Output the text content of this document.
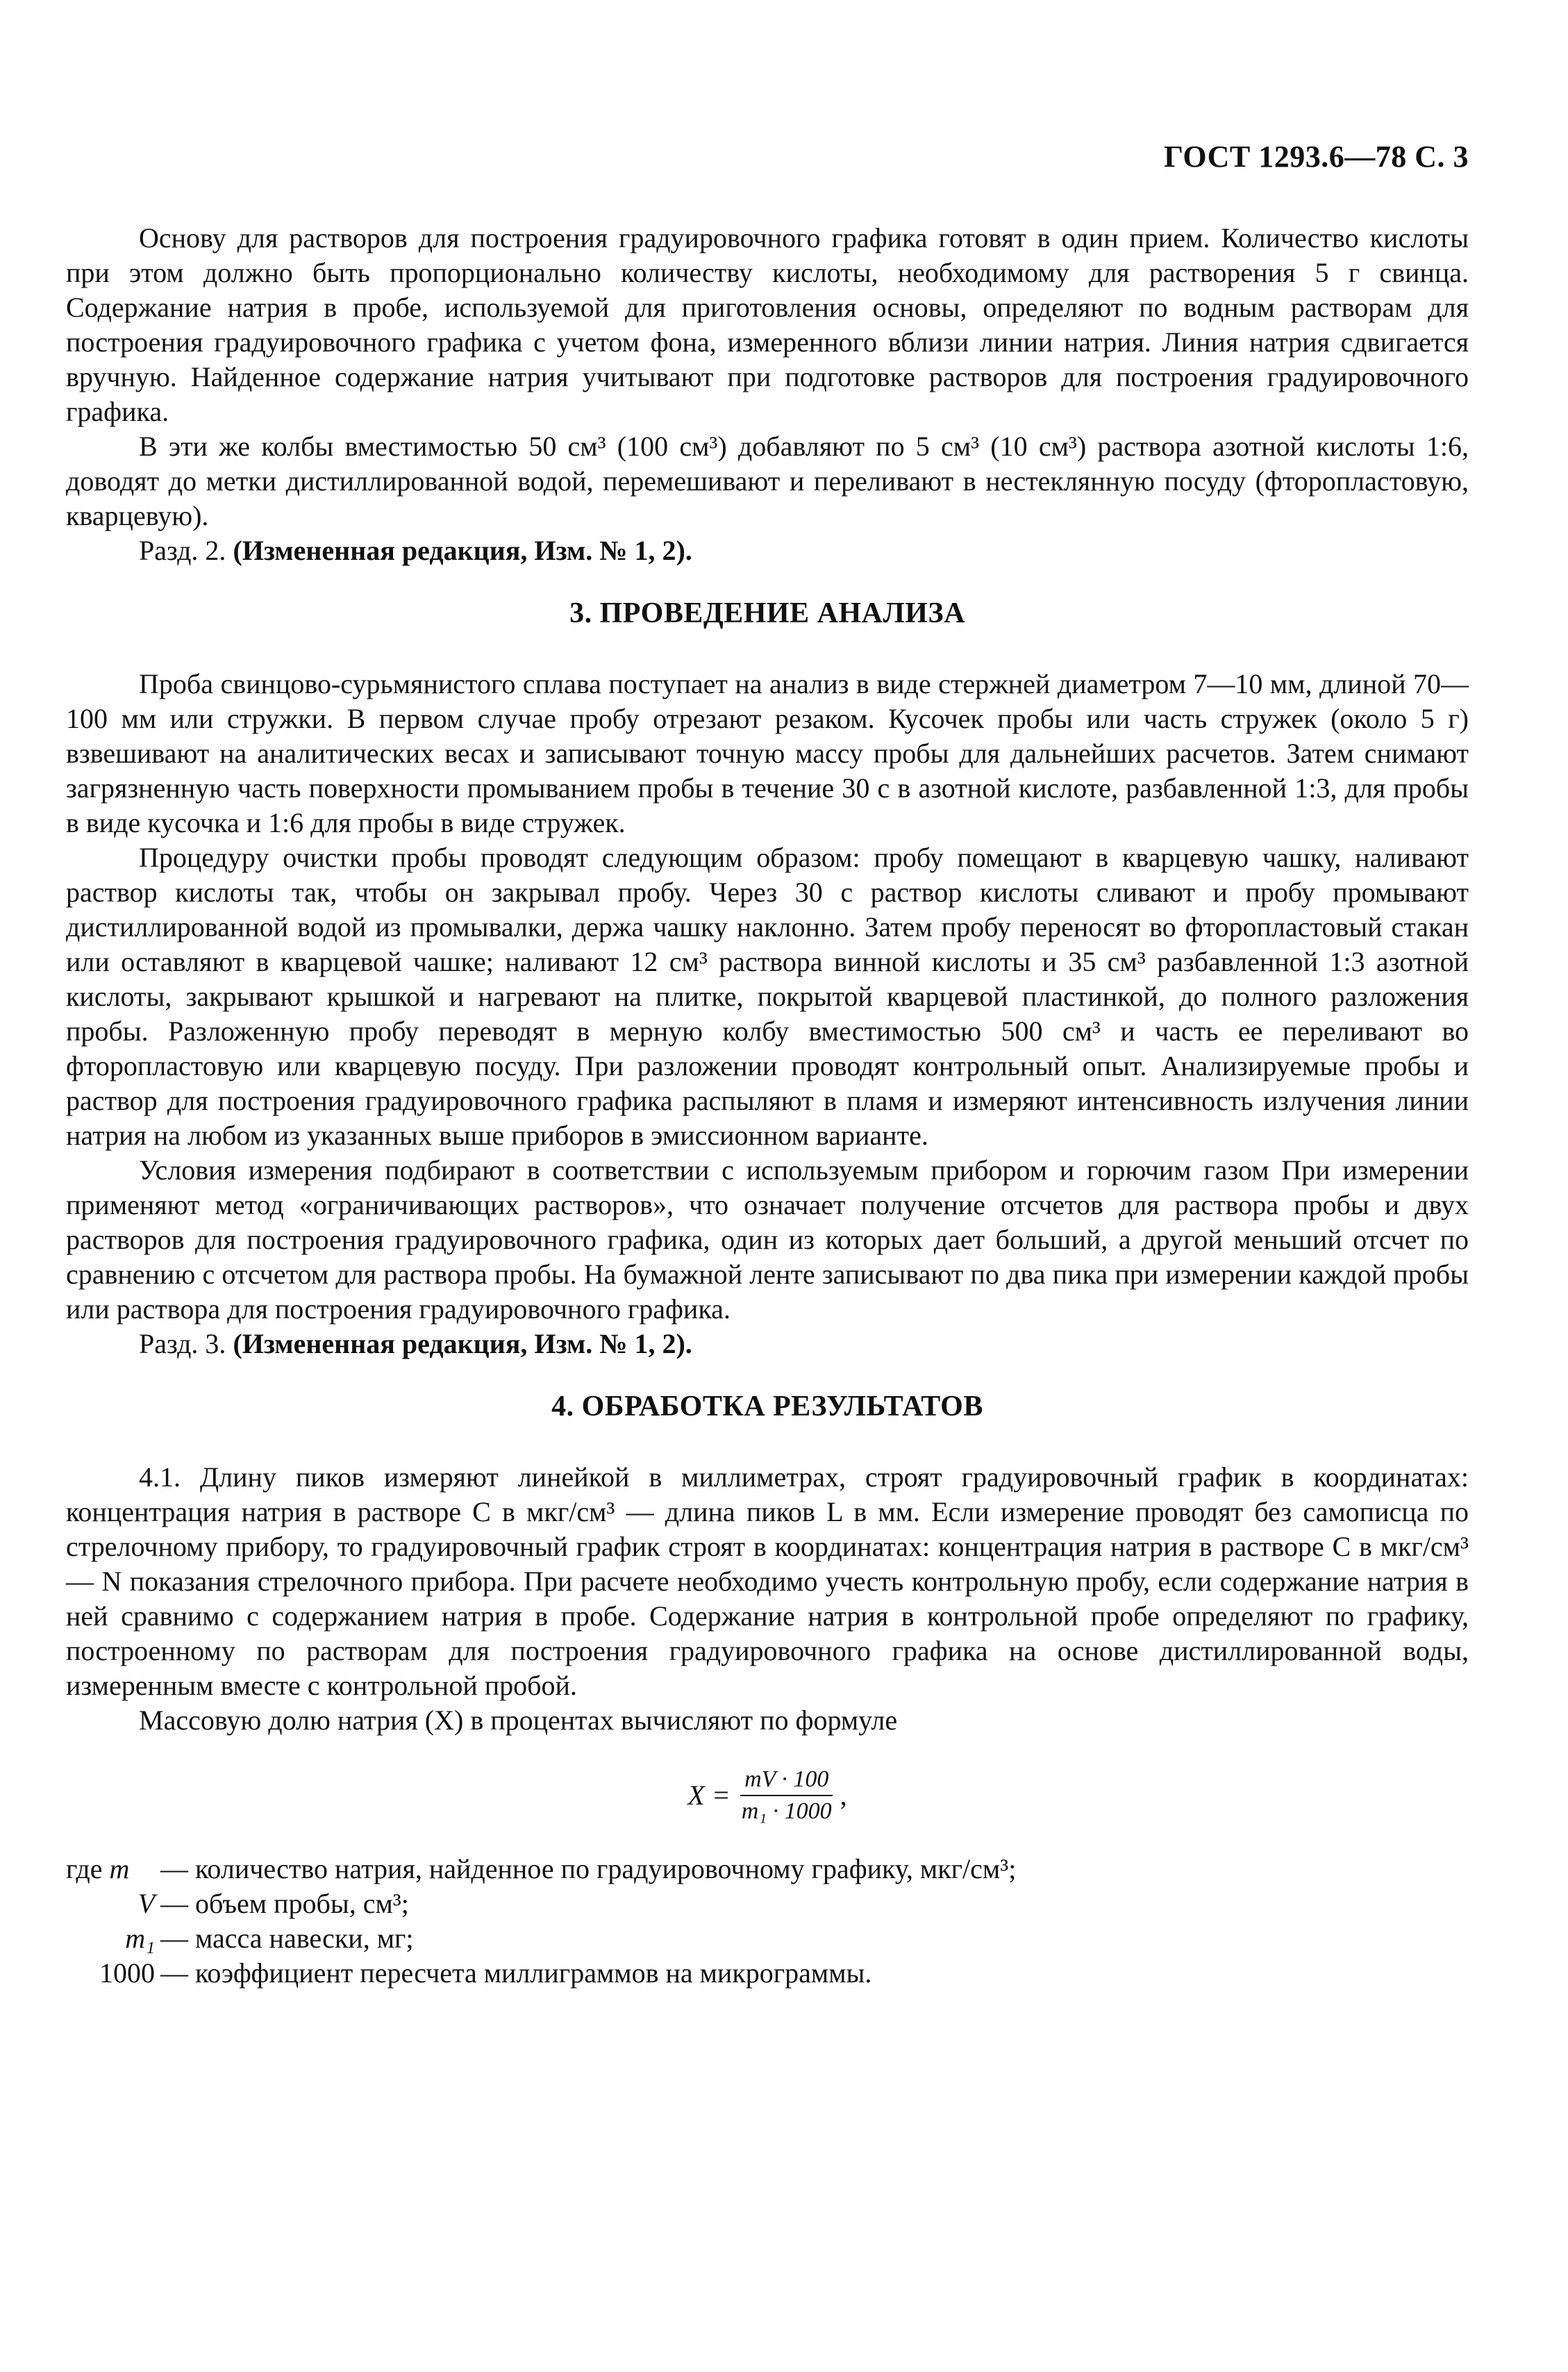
ГОСТ 1293.6—78 С. 3

Основу для растворов для построения градуировочного графика готовят в один прием. Количество кислоты при этом должно быть пропорционально количеству кислоты, необходимому для растворения 5 г свинца. Содержание натрия в пробе, используемой для приготовления основы, определяют по водным растворам для построения градуировочного графика с учетом фона, измеренного вблизи линии натрия. Линия натрия сдвигается вручную. Найденное содержание натрия учитывают при подготовке растворов для построения градуировочного графика.

В эти же колбы вместимостью 50 см³ (100 см³) добавляют по 5 см³ (10 см³) раствора азотной кислоты 1:6, доводят до метки дистиллированной водой, перемешивают и переливают в нестеклянную посуду (фторопластовую, кварцевую).

Разд. 2. (Измененная редакция, Изм. № 1, 2).

3. ПРОВЕДЕНИЕ АНАЛИЗА

Проба свинцово-сурьмянистого сплава поступает на анализ в виде стержней диаметром 7—10 мм, длиной 70—100 мм или стружки. В первом случае пробу отрезают резаком. Кусочек пробы или часть стружек (около 5 г) взвешивают на аналитических весах и записывают точную массу пробы для дальнейших расчетов. Затем снимают загрязненную часть поверхности промыванием пробы в течение 30 с в азотной кислоте, разбавленной 1:3, для пробы в виде кусочка и 1:6 для пробы в виде стружек.

Процедуру очистки пробы проводят следующим образом: пробу помещают в кварцевую чашку, наливают раствор кислоты так, чтобы он закрывал пробу. Через 30 с раствор кислоты сливают и пробу промывают дистиллированной водой из промывалки, держа чашку наклонно. Затем пробу переносят во фторопластовый стакан или оставляют в кварцевой чашке; наливают 12 см³ раствора винной кислоты и 35 см³ разбавленной 1:3 азотной кислоты, закрывают крышкой и нагревают на плитке, покрытой кварцевой пластинкой, до полного разложения пробы. Разложенную пробу переводят в мерную колбу вместимостью 500 см³ и часть ее переливают во фторопластовую или кварцевую посуду. При разложении проводят контрольный опыт. Анализируемые пробы и раствор для построения градуировочного графика распыляют в пламя и измеряют интенсивность излучения линии натрия на любом из указанных выше приборов в эмиссионном варианте.

Условия измерения подбирают в соответствии с используемым прибором и горючим газом При измерении применяют метод «ограничивающих растворов», что означает получение отсчетов для раствора пробы и двух растворов для построения градуировочного графика, один из которых дает больший, а другой меньший отсчет по сравнению с отсчетом для раствора пробы. На бумажной ленте записывают по два пика при измерении каждой пробы или раствора для построения градуировочного графика.

Разд. 3. (Измененная редакция, Изм. № 1, 2).

4. ОБРАБОТКА РЕЗУЛЬТАТОВ

4.1. Длину пиков измеряют линейкой в миллиметрах, строят градуировочный график в координатах: концентрация натрия в растворе C в мкг/см³ — длина пиков L в мм. Если измерение проводят без самописца по стрелочному прибору, то градуировочный график строят в координатах: концентрация натрия в растворе C в мкг/см³ — N показания стрелочного прибора. При расчете необходимо учесть контрольную пробу, если содержание натрия в ней сравнимо с содержанием натрия в пробе. Содержание натрия в контрольной пробе определяют по графику, построенному по растворам для построения градуировочного графика на основе дистиллированной воды, измеренным вместе с контрольной пробой.

Массовую долю натрия (X) в процентах вычисляют по формуле

$X = \frac{mV \cdot 100}{\text{m₁ · 1000}}$ ,
где m	— количество натрия, найденное по градуировочному графику, мкг/см³;
V — объем пробы, см³;
m₁ — масса навески, мг;
1000 — коэффициент пересчета миллиграммов на микрограммы.
